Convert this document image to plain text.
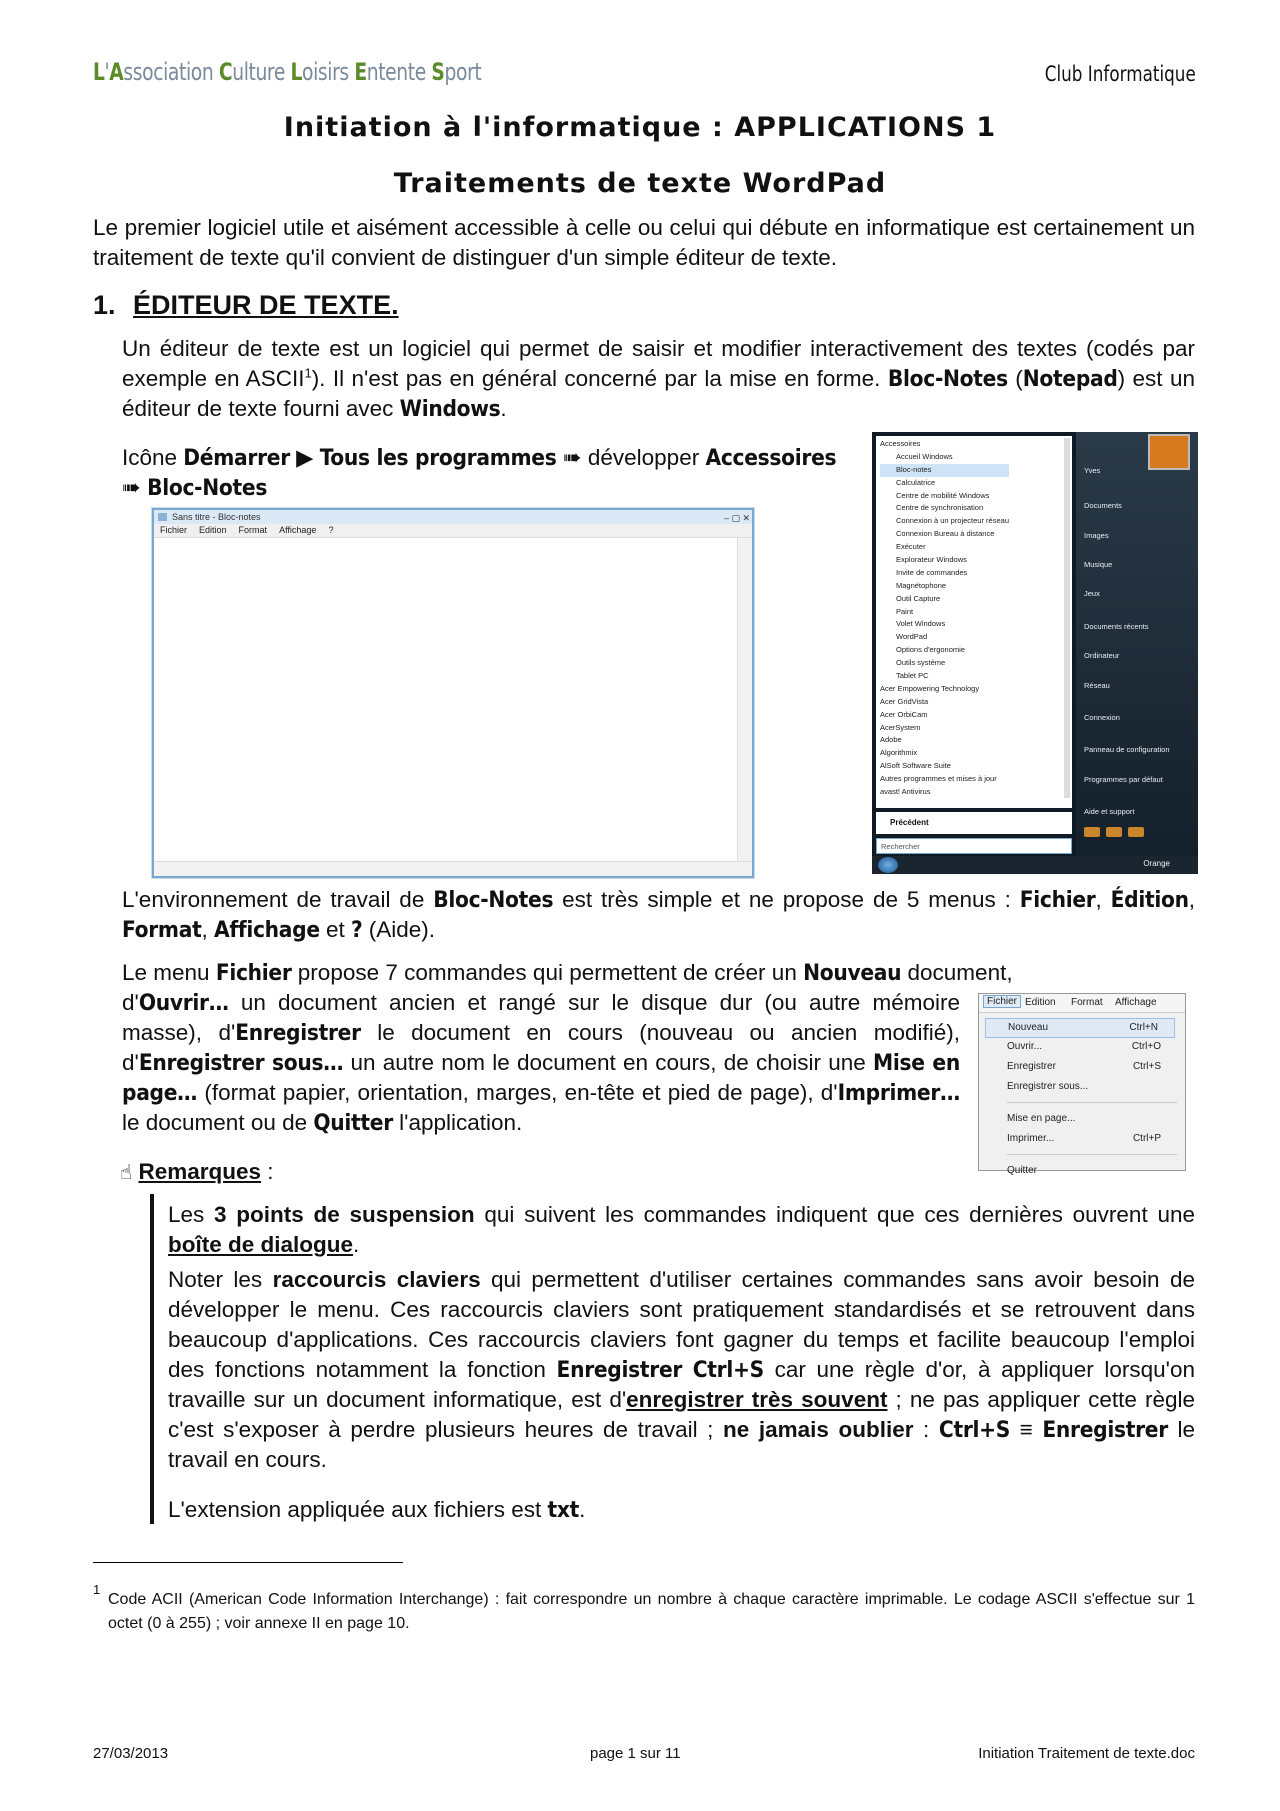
L'Association Culture Loisirs Entente Sport	Club Informatique
Initiation à l'informatique : APPLICATIONS 1
Traitements de texte WordPad

Le premier logiciel utile et aisément accessible à celle ou celui qui débute en informatique est certainement un traitement de texte qu'il convient de distinguer d'un simple éditeur de texte.

1. ÉDITEUR DE TEXTE.

Un éditeur de texte est un logiciel qui permet de saisir et modifier interactivement des textes (codés par exemple en ASCII$^1$). Il n'est pas en général concerné par la mise en forme. Bloc-Notes (Notepad) est un éditeur de texte fourni avec Windows.

Icône Démarrer ▶ Tous les programmes ➠ développer Accessoires
➠ Bloc-Notes

Sans titre - Bloc-notes	– ▢ ✕
Fichier Edition Format Affichage ?
Accessoires
Accueil Windows
Bloc-notes
Calculatrice
Centre de mobilité Windows
Centre de synchronisation
Connexion à un projecteur réseau
Connexion Bureau à distance
Exécuter
Explorateur Windows
Invite de commandes
Magnétophone
Outil Capture
Paint
Volet Windows
WordPad
Options d'ergonomie
Outils système
Tablet PC
Acer Empowering Technology
Acer GridVista
Acer OrbiCam
AcerSystem
Adobe
Algorithmix
AlSoft Software Suite
Autres programmes et mises à jour
avast! Antivirus
Précédent
Rechercher
Yves
Documents
Images
Musique
Jeux
Documents récents
Ordinateur
Réseau
Connexion
Panneau de configuration
Programmes par défaut
Aide et support
Orange

L'environnement de travail de Bloc-Notes est très simple et ne propose de 5 menus : Fichier, Édition, Format, Affichage et ? (Aide).

Le menu Fichier propose 7 commandes qui permettent de créer un Nouveau document,

d'Ouvrir… un document ancien et rangé sur le disque dur (ou autre mémoire masse), d'Enregistrer le document en cours (nouveau ou ancien modifié), d'Enregistrer sous… un autre nom le document en cours, de choisir une Mise en page… (format papier, orientation, marges, en-tête et pied de page), d'Imprimer… le document ou de Quitter l'application.

Fichier Edition Format Affichage
Nouveau	Ctrl+N
Ouvrir...	Ctrl+O
Enregistrer	Ctrl+S
Enregistrer sous...
Mise en page...
Imprimer...	Ctrl+P
Quitter
☝ Remarques :

Les 3 points de suspension qui suivent les commandes indiquent que ces dernières ouvrent une boîte de dialogue.

Noter les raccourcis claviers qui permettent d'utiliser certaines commandes sans avoir besoin de développer le menu. Ces raccourcis claviers sont pratiquement standardisés et se retrouvent dans beaucoup d'applications. Ces raccourcis claviers font gagner du temps et facilite beaucoup l'emploi des fonctions notamment la fonction Enregistrer Ctrl+S car une règle d'or, à appliquer lorsqu'on travaille sur un document informatique, est d'enregistrer très souvent ; ne pas appliquer cette règle c'est s'exposer à perdre plusieurs heures de travail ; ne jamais oublier : Ctrl+S ≡ Enregistrer le travail en cours.

L'extension appliquée aux fichiers est txt.

1

Code ACII (American Code Information Interchange) : fait correspondre un nombre à chaque caractère imprimable. Le codage ASCII s'effectue sur 1 octet (0 à 255) ; voir annexe II en page 10.

27/03/2013	page 1 sur 11	Initiation Traitement de texte.doc
